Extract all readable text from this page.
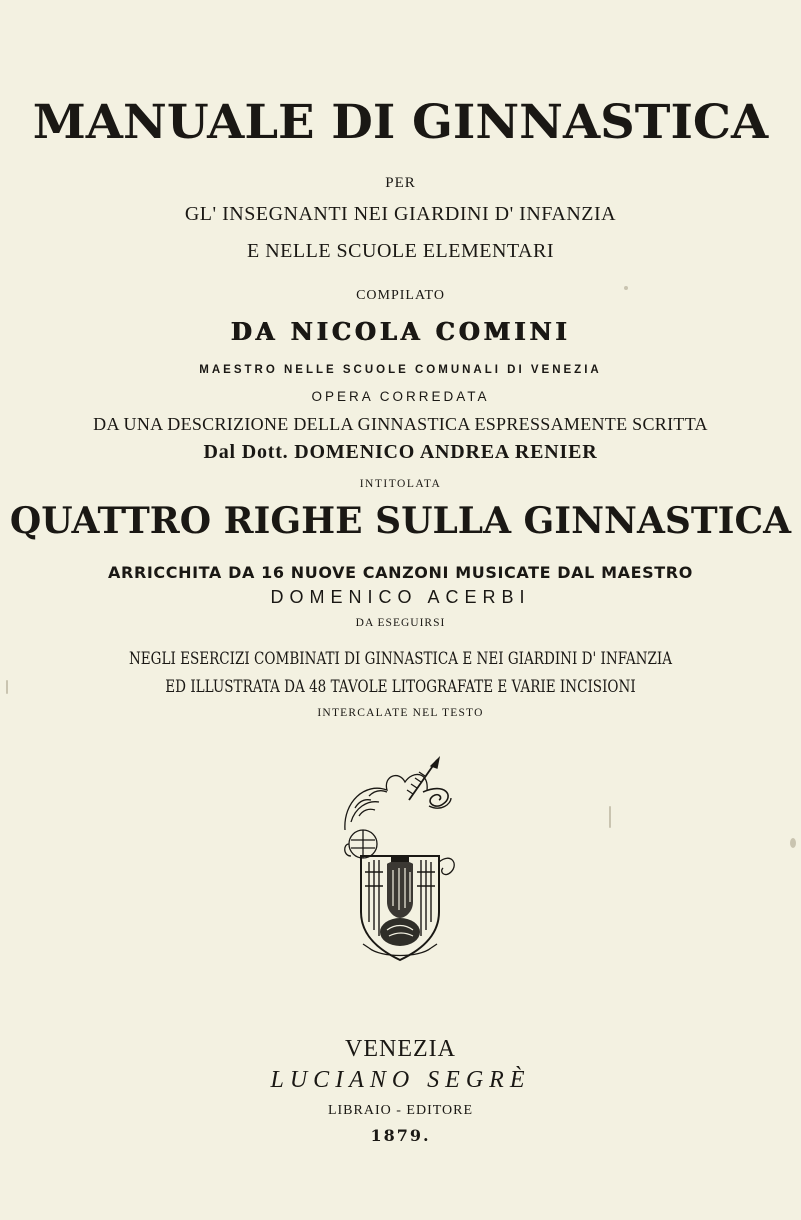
MANUALE DI GINNASTICA
PER
GL' INSEGNANTI NEI GIARDINI D' INFANZIA
E NELLE SCUOLE ELEMENTARI
COMPILATO
DA NICOLA COMINI
MAESTRO NELLE SCUOLE COMUNALI DI VENEZIA
OPERA CORREDATA
DA UNA DESCRIZIONE DELLA GINNASTICA ESPRESSAMENTE SCRITTA
Dal Dott. DOMENICO ANDREA RENIER
INTITOLATA
QUATTRO RIGHE SULLA GINNASTICA
ARRICCHITA DA 16 NUOVE CANZONI MUSICATE DAL MAESTRO
DOMENICO ACERBI
DA ESEGUIRSI
NEGLI ESERCIZI COMBINATI DI GINNASTICA E NEI GIARDINI D' INFANZIA
ED ILLUSTRATA DA 48 TAVOLE LITOGRAFATE E VARIE INCISIONI
INTERCALATE NEL TESTO
VENEZIA
LUCIANO SEGRÈ
LIBRAIO - EDITORE
1879.
